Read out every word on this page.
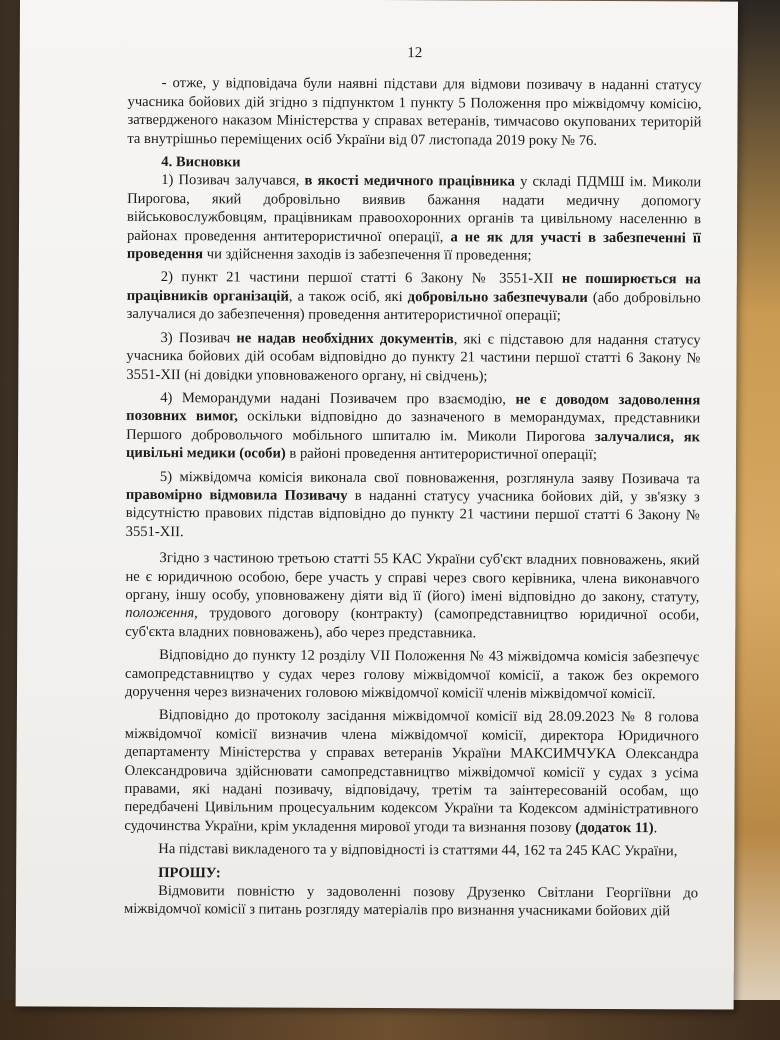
12

- отже, у відповідача були наявні підстави для відмови позивачу в наданні статусу учасника бойових дій згідно з підпунктом 1 пункту 5 Положення про міжвідомчу комісію, затвердженого наказом Міністерства у справах ветеранів, тимчасово окупованих територій та внутрішньо переміщених осіб України від 07 листопада 2019 року № 76.

4. Висновки

1) Позивач залучався, в якості медичного працівника у складі ПДМШ ім. Миколи Пирогова, який добровільно виявив бажання надати медичну допомогу військовослужбовцям, працівникам правоохоронних органів та цивільному населенню в районах проведення антитерористичної операції, а не як для участі в забезпеченні її проведення чи здійснення заходів із забезпечення її проведення;

2) пункт 21 частини першої статті 6 Закону № 3551-XII не поширюється на працівників організацій, а також осіб, які добровільно забезпечували (або добровільно залучалися до забезпечення) проведення антитерористичної операції;

3) Позивач не надав необхідних документів, які є підставою для надання статусу учасника бойових дій особам відповідно до пункту 21 частини першої статті 6 Закону № 3551-XII (ні довідки уповноваженого органу, ні свідчень);

4) Меморандуми надані Позивачем про взаємодію, не є доводом задоволення позовних вимог, оскільки відповідно до зазначеного в меморандумах, представники Першого добровольчого мобільного шпиталю ім. Миколи Пирогова залучалися, як цивільні медики (особи) в районі проведення антитерористичної операції;

5) міжвідомча комісія виконала свої повноваження, розглянула заяву Позивача та правомірно відмовила Позивачу в наданні статусу учасника бойових дій, у зв'язку з відсутністю правових підстав відповідно до пункту 21 частини першої статті 6 Закону № 3551-XII.

Згідно з частиною третьою статті 55 КАС України суб'єкт владних повноважень, який не є юридичною особою, бере участь у справі через свого керівника, члена виконавчого органу, іншу особу, уповноважену діяти від її (його) імені відповідно до закону, статуту, положення, трудового договору (контракту) (самопредставництво юридичної особи, суб'єкта владних повноважень), або через представника.

Відповідно до пункту 12 розділу VII Положення № 43 міжвідомча комісія забезпечує самопредставництво у судах через голову міжвідомчої комісії, а також без окремого доручення через визначених головою міжвідомчої комісії членів міжвідомчої комісії.

Відповідно до протоколу засідання міжвідомчої комісії від 28.09.2023 № 8 голова міжвідомчої комісії визначив члена міжвідомчої комісії, директора Юридичного департаменту Міністерства у справах ветеранів України МАКСИМЧУКА Олександра Олександровича здійснювати самопредставництво міжвідомчої комісії у судах з усіма правами, які надані позивачу, відповідачу, третім та заінтересованій особам, що передбачені Цивільним процесуальним кодексом України та Кодексом адміністративного судочинства України, крім укладення мирової угоди та визнання позову (додаток 11).

На підставі викладеного та у відповідності із статтями 44, 162 та 245 КАС України,

ПРОШУ:

Відмовити повністю у задоволенні позову Друзенко Світлани Георгіївни до міжвідомчої комісії з питань розгляду матеріалів про визнання учасниками бойових дій
